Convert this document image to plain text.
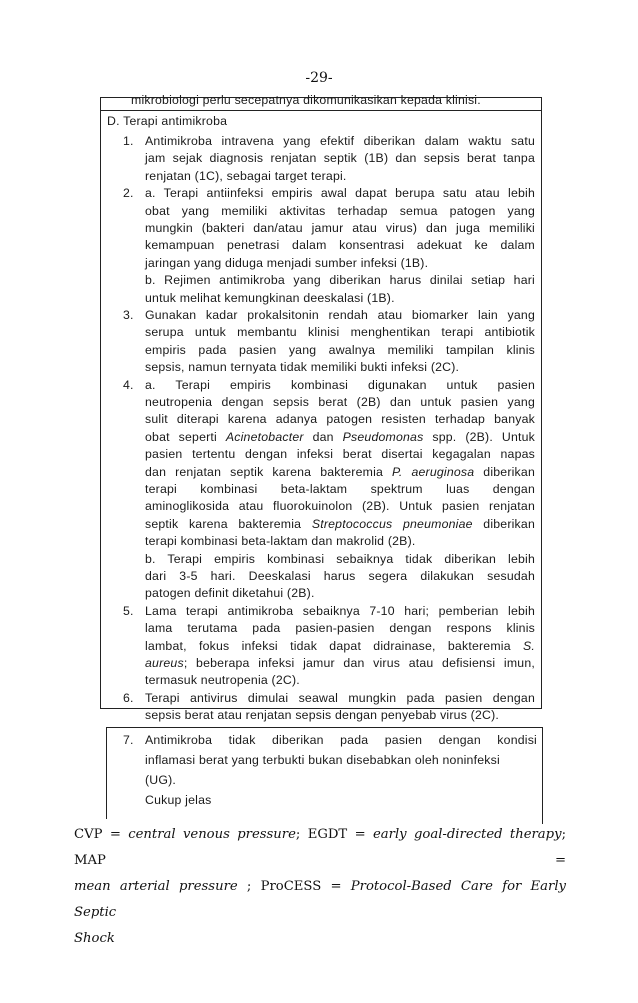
-29-
mikrobiologi perlu secepatnya dikomunikasikan kepada klinisi.
D. Terapi antimikroba
1. Antimikroba intravena yang efektif diberikan dalam waktu satu
jam sejak diagnosis renjatan septik (1B) dan sepsis berat tanpa
renjatan (1C), sebagai target terapi.
2. a. Terapi antiinfeksi empiris awal dapat berupa satu atau lebih
obat yang memiliki aktivitas terhadap semua patogen yang
mungkin (bakteri dan/atau jamur atau virus) dan juga memiliki
kemampuan penetrasi dalam konsentrasi adekuat ke dalam
jaringan yang diduga menjadi sumber infeksi (1B).
b. Rejimen antimikroba yang diberikan harus dinilai setiap hari
untuk melihat kemungkinan deeskalasi (1B).
3. Gunakan kadar prokalsitonin rendah atau biomarker lain yang
serupa untuk membantu klinisi menghentikan terapi antibiotik
empiris pada pasien yang awalnya memiliki tampilan klinis
sepsis, namun ternyata tidak memiliki bukti infeksi (2C).
4. a. Terapi empiris kombinasi digunakan untuk pasien
neutropenia dengan sepsis berat (2B) dan untuk pasien yang
sulit diterapi karena adanya patogen resisten terhadap banyak
obat seperti Acinetobacter dan Pseudomonas spp. (2B). Untuk
pasien tertentu dengan infeksi berat disertai kegagalan napas
dan renjatan septik karena bakteremia P. aeruginosa diberikan
terapi kombinasi beta-laktam spektrum luas dengan
aminoglikosida atau fluorokuinolon (2B). Untuk pasien renjatan
septik karena bakteremia Streptococcus pneumoniae diberikan
terapi kombinasi beta-laktam dan makrolid (2B).
b. Terapi empiris kombinasi sebaiknya tidak diberikan lebih
dari 3-5 hari. Deeskalasi harus segera dilakukan sesudah
patogen definit diketahui (2B).
5. Lama terapi antimikroba sebaiknya 7-10 hari; pemberian lebih
lama terutama pada pasien-pasien dengan respons klinis
lambat, fokus infeksi tidak dapat didrainase, bakteremia S.
aureus; beberapa infeksi jamur dan virus atau defisiensi imun,
termasuk neutropenia (2C).
6. Terapi antivirus dimulai seawal mungkin pada pasien dengan
sepsis berat atau renjatan sepsis dengan penyebab virus (2C).
7. Antimikroba tidak diberikan pada pasien dengan kondisi
inflamasi berat yang terbukti bukan disebabkan oleh noninfeksi
(UG).
Cukup jelas
CVP = central venous pressure; EGDT = early goal-directed therapy; MAP =
mean arterial pressure ; ProCESS = Protocol-Based Care for Early Septic
Shock
